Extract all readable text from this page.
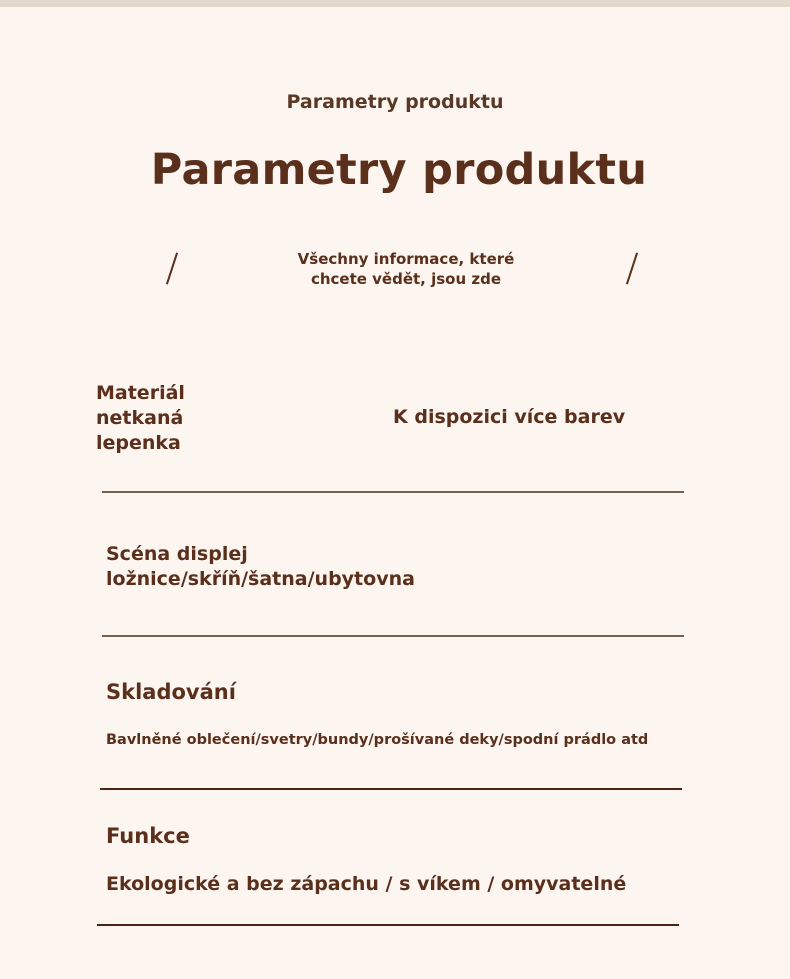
Parametry produktu
Parametry produktu
Všechny informace, které
chcete vědět, jsou zde
Materiál
netkaná
lepenka
K dispozici více barev
Scéna displej
ložnice/skříň/šatna/ubytovna
Skladování
Bavlněné oblečení/svetry/bundy/prošívané deky/spodní prádlo atd
Funkce
Ekologické a bez zápachu / s víkem / omyvatelné
